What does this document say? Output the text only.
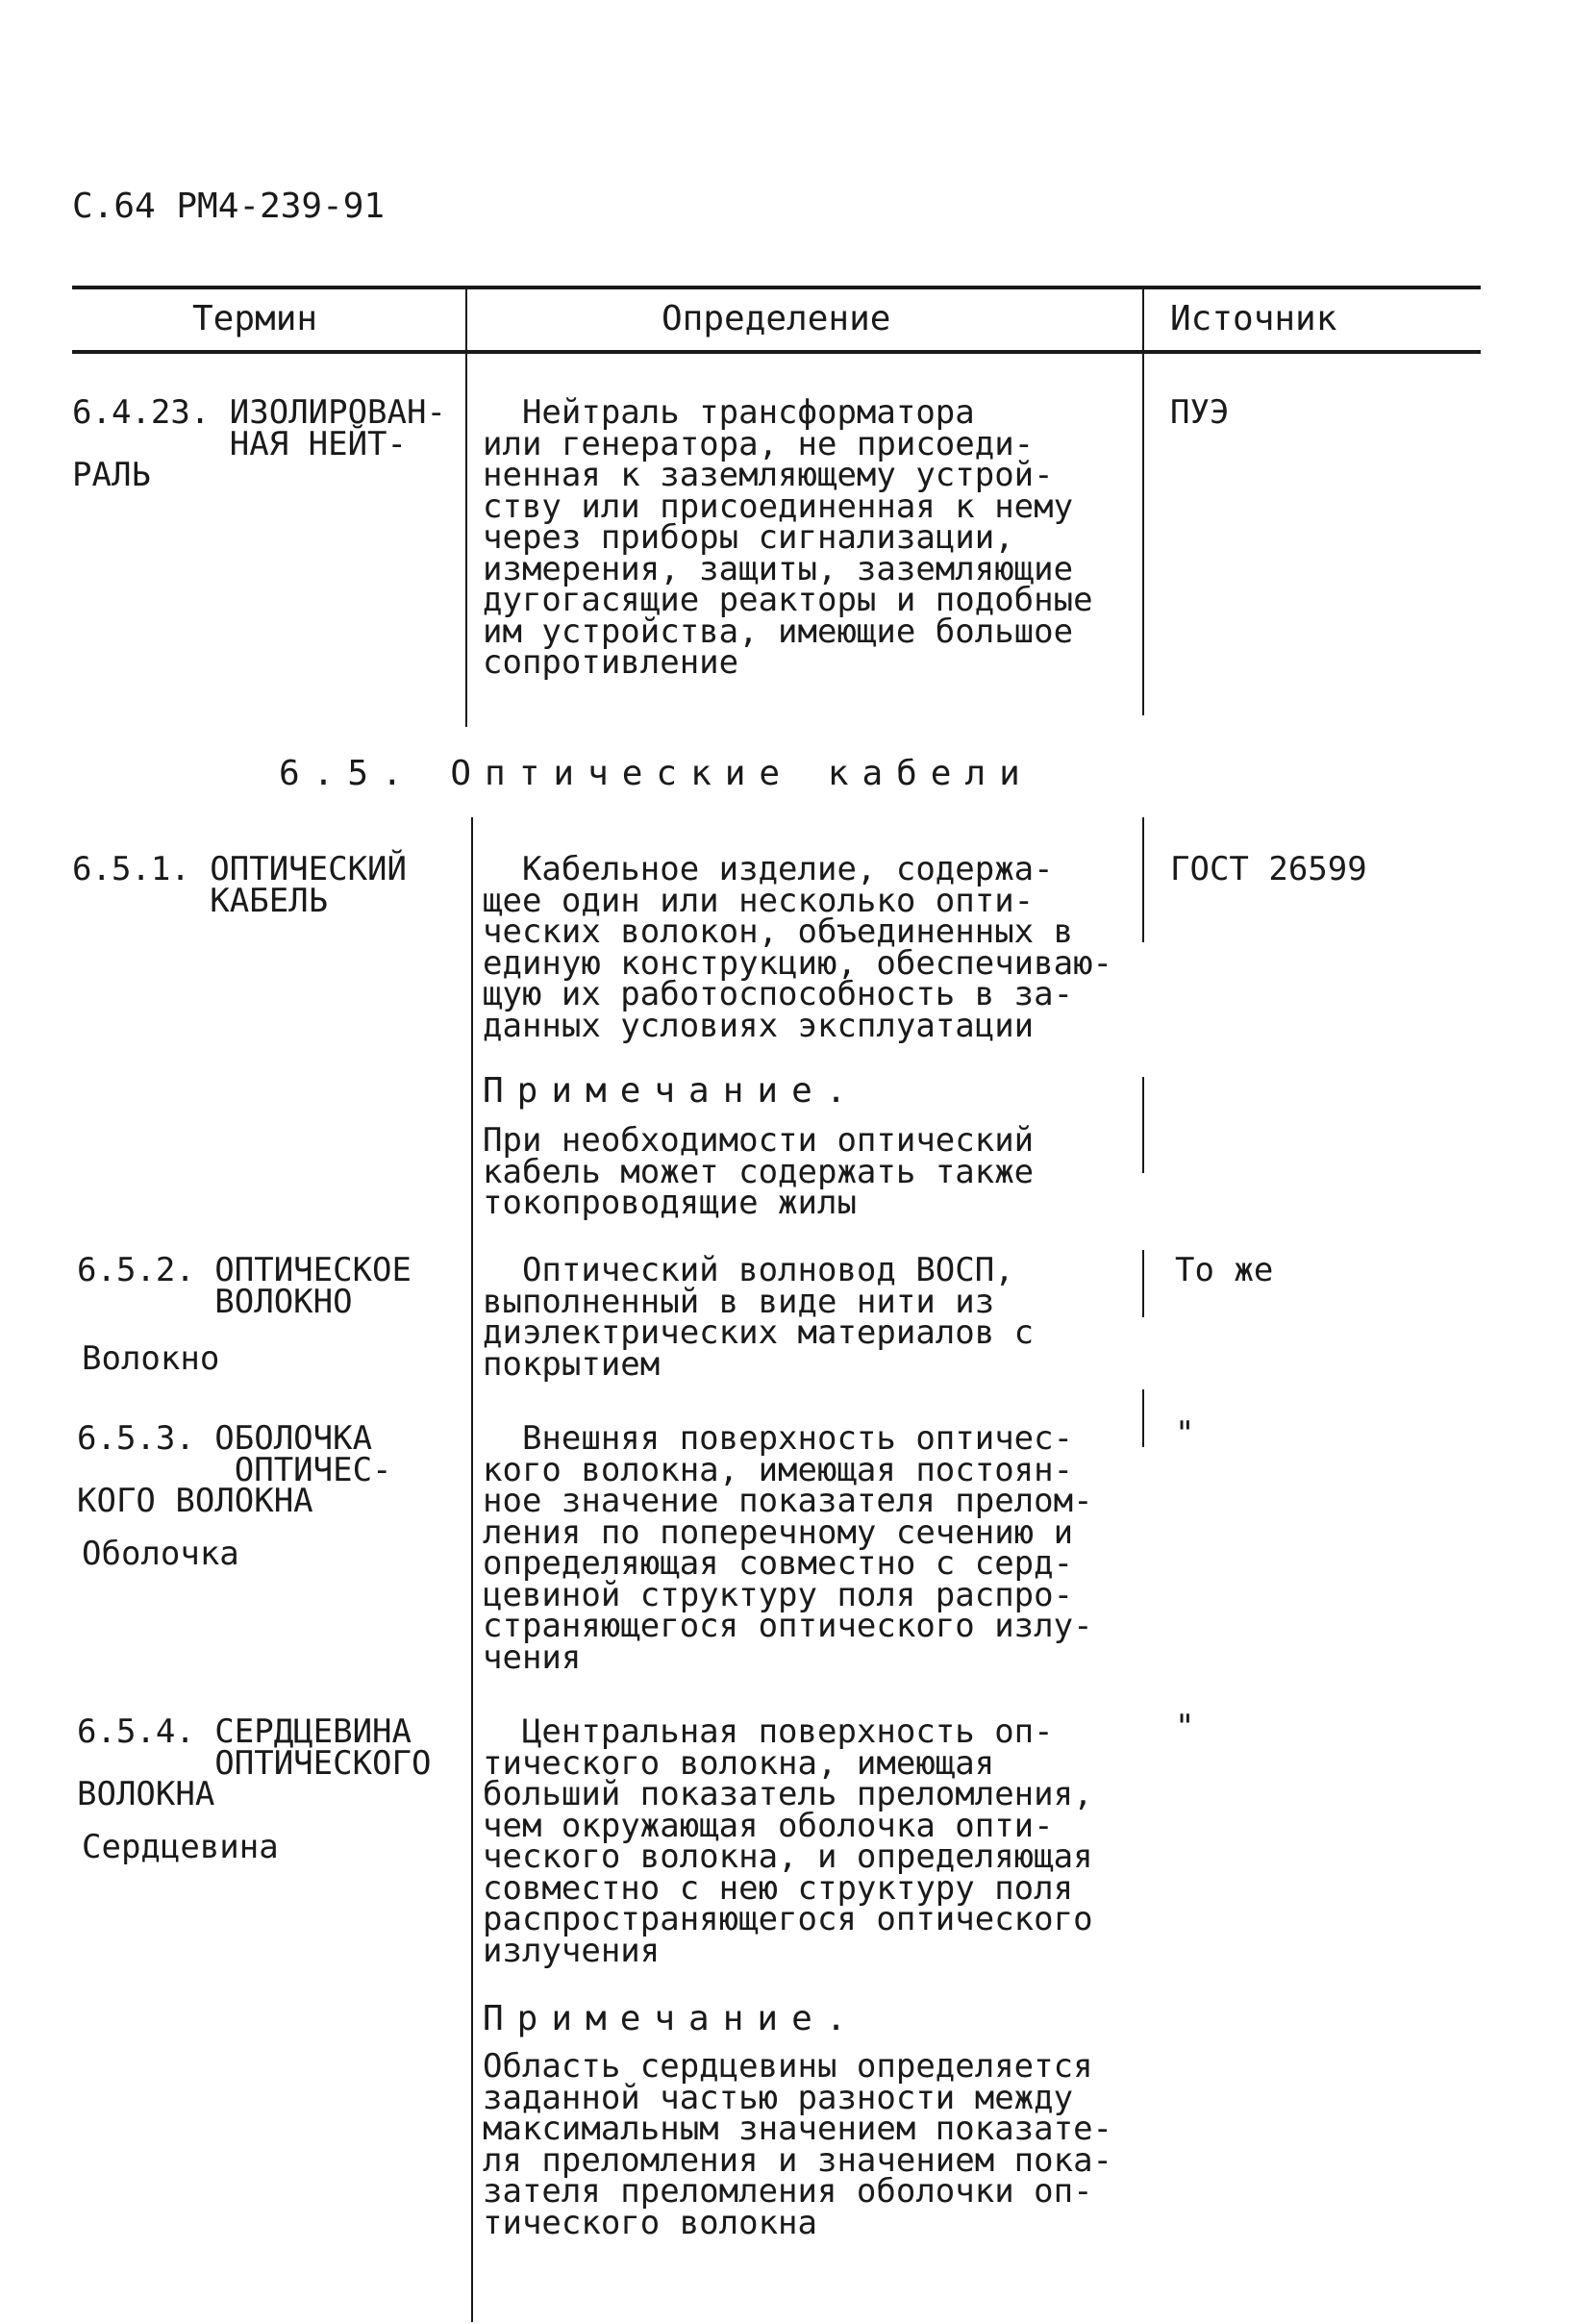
С.64 РМ4-239-91
Термин	Определение	Источник
6.4.23. ИЗОЛИРОВАН-
НАЯ НЕЙТ-
РАЛЬ
Нейтраль трансформатора
или генератора, не присоеди-
ненная к заземляющему устрой-
ству или присоединенная к нему
через приборы сигнализации,
измерения, защиты, заземляющие
дугогасящие реакторы и подобные
им устройства, имеющие большое
сопротивление
ПУЭ
6.5. Оптические кабели
6.5.1. ОПТИЧЕСКИЙ
КАБЕЛЬ
Кабельное изделие, содержа-
щее один или несколько опти-
ческих волокон, объединенных в
единую конструкцию, обеспечиваю-
щую их работоспособность в за-
данных условиях эксплуатации
Примечание.
При необходимости оптический
кабель может содержать также
токопроводящие жилы
ГОСТ 26599
6.5.2. ОПТИЧЕСКОЕ
ВОЛОКНО
Волокно
Оптический волновод ВОСП,
выполненный в виде нити из
диэлектрических материалов с
покрытием
То же
6.5.3. ОБОЛОЧКА
ОПТИЧЕС-
КОГО ВОЛОКНА
Оболочка
Внешняя поверхность оптичес-
кого волокна, имеющая постоян-
ное значение показателя прелом-
ления по поперечному сечению и
определяющая совместно с серд-
цевиной структуру поля распро-
страняющегося оптического излу-
чения
"
6.5.4. СЕРДЦЕВИНА
ОПТИЧЕСКОГО
ВОЛОКНА
Сердцевина
Центральная поверхность оп-
тического волокна, имеющая
больший показатель преломления,
чем окружающая оболочка опти-
ческого волокна, и определяющая
совместно с нею структуру поля
распространяющегося оптического
излучения
Примечание.
Область сердцевины определяется
заданной частью разности между
максимальным значением показате-
ля преломления и значением пока-
зателя преломления оболочки оп-
тического волокна
"
